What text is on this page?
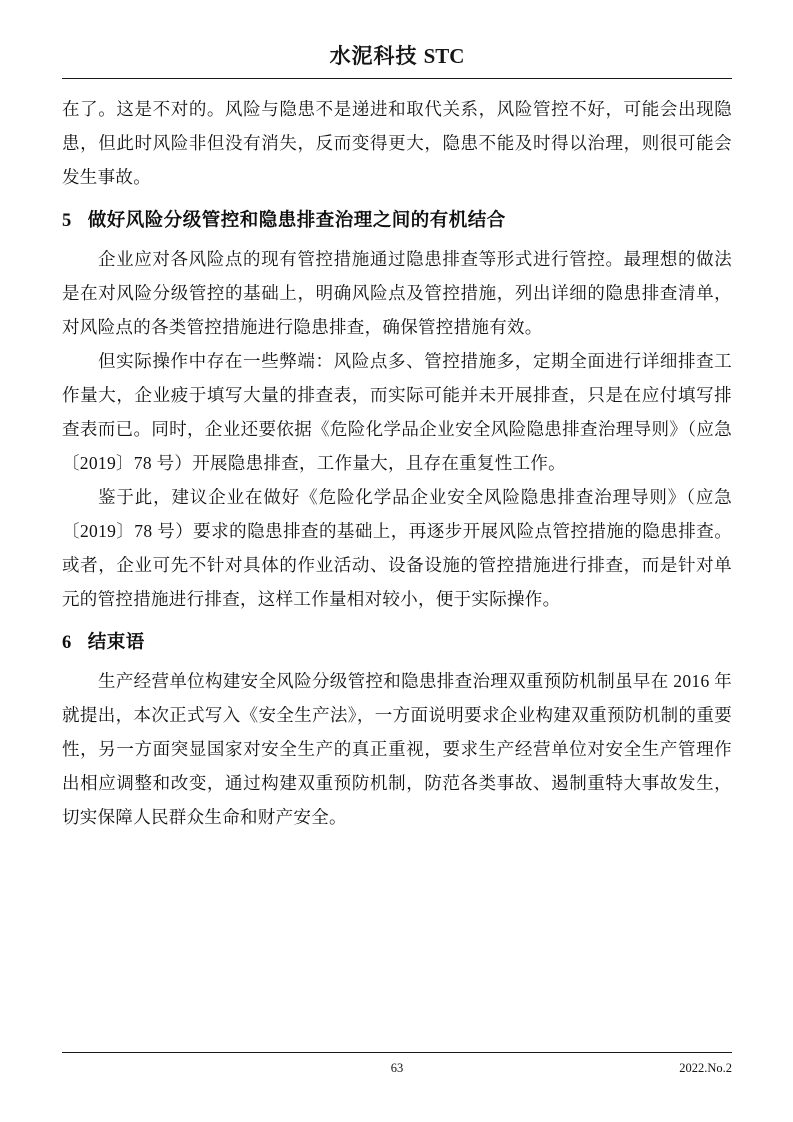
水泥科技 STC

在了。这是不对的。风险与隐患不是递进和取代关系，风险管控不好，可能会出现隐患，但此时风险非但没有消失，反而变得更大，隐患不能及时得以治理，则很可能会发生事故。

5 做好风险分级管控和隐患排查治理之间的有机结合

企业应对各风险点的现有管控措施通过隐患排查等形式进行管控。最理想的做法是在对风险分级管控的基础上，明确风险点及管控措施，列出详细的隐患排查清单，对风险点的各类管控措施进行隐患排查，确保管控措施有效。

但实际操作中存在一些弊端：风险点多、管控措施多，定期全面进行详细排查工作量大，企业疲于填写大量的排查表，而实际可能并未开展排查，只是在应付填写排查表而已。同时，企业还要依据《危险化学品企业安全风险隐患排查治理导则》（应急〔2019〕78 号）开展隐患排查，工作量大，且存在重复性工作。

鉴于此，建议企业在做好《危险化学品企业安全风险隐患排查治理导则》（应急〔2019〕78 号）要求的隐患排查的基础上，再逐步开展风险点管控措施的隐患排查。或者，企业可先不针对具体的作业活动、设备设施的管控措施进行排查，而是针对单元的管控措施进行排查，这样工作量相对较小，便于实际操作。

6 结束语

生产经营单位构建安全风险分级管控和隐患排查治理双重预防机制虽早在 2016 年就提出，本次正式写入《安全生产法》，一方面说明要求企业构建双重预防机制的重要性，另一方面突显国家对安全生产的真正重视，要求生产经营单位对安全生产管理作出相应调整和改变，通过构建双重预防机制，防范各类事故、遏制重特大事故发生，切实保障人民群众生命和财产安全。

63	2022.No.2
